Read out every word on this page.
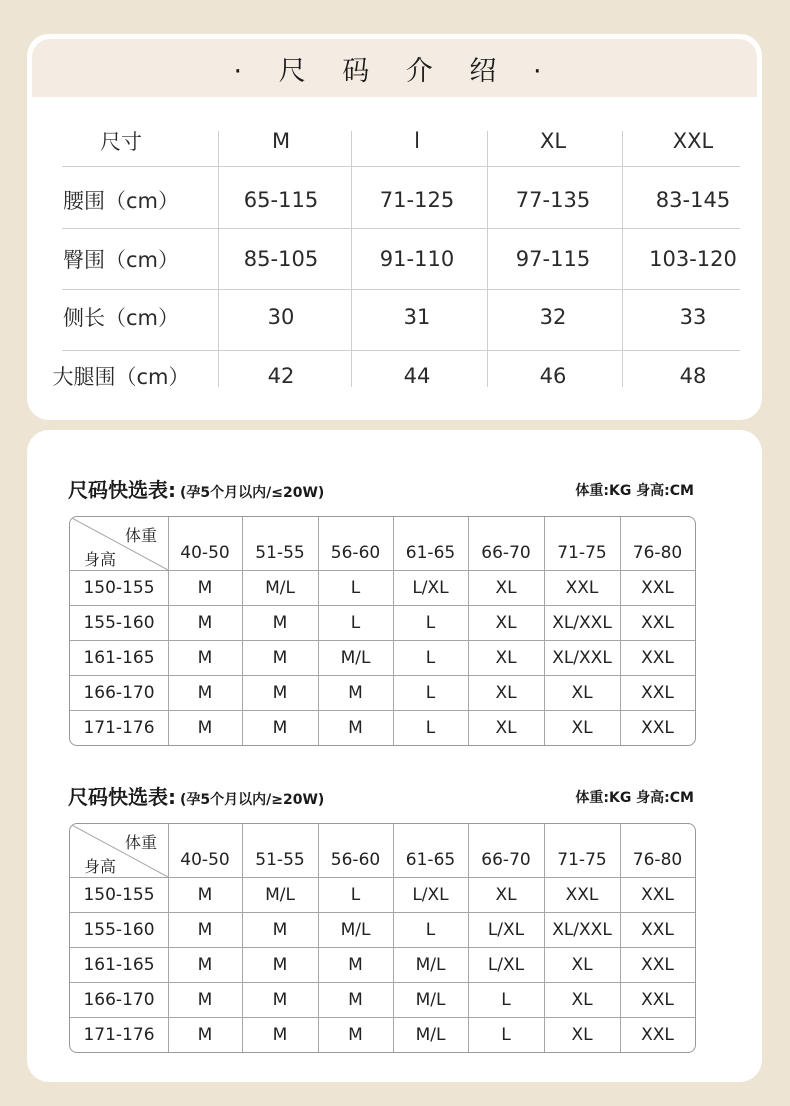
· 尺 码 介 绍 ·
尺寸	M	l	XL	XXL
腰围（cm）	65-115	71-125	77-135	83-145
臀围（cm）	85-105	91-110	97-115	103-120
侧长（cm）	30	31	32	33
大腿围（cm）	42	44	46	48
尺码快选表: (孕5个月以内/≤20W)	体重:KG 身高:CM
体重
身高	40-50	51-55	56-60	61-65	66-70	71-75	76-80
150-155	M	M/L	L	L/XL	XL	XXL	XXL
155-160	M	M	L	L	XL	XL/XXL	XXL
161-165	M	M	M/L	L	XL	XL/XXL	XXL
166-170	M	M	M	L	XL	XL	XXL
171-176	M	M	M	L	XL	XL	XXL
尺码快选表: (孕5个月以内/≥20W)	体重:KG 身高:CM
体重
身高	40-50	51-55	56-60	61-65	66-70	71-75	76-80
150-155	M	M/L	L	L/XL	XL	XXL	XXL
155-160	M	M	M/L	L	L/XL	XL/XXL	XXL
161-165	M	M	M	M/L	L/XL	XL	XXL
166-170	M	M	M	M/L	L	XL	XXL
171-176	M	M	M	M/L	L	XL	XXL
